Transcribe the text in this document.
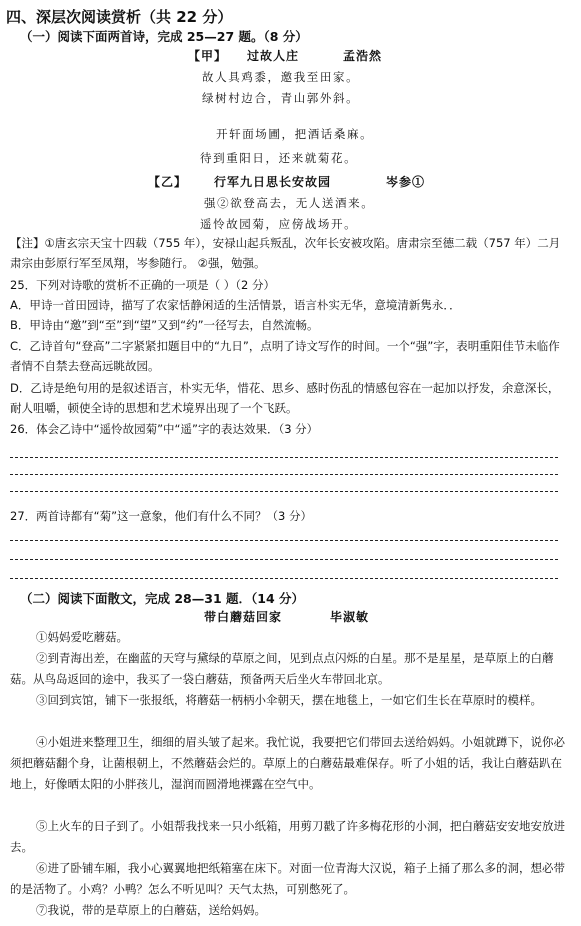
四、深层次阅读赏析（共 22 分）
（一）阅读下面两首诗，完成 25—27 题。（8 分）
【甲】 过故人庄	孟浩然
故人具鸡黍，邀我至田家。
绿树村边合，青山郭外斜。
开轩面场圃，把酒话桑麻。
待到重阳日，还来就菊花。
【乙】 行军九日思长安故园	岑参①
强②欲登高去，无人送酒来。
遥怜故园菊，应傍战场开。
【注】①唐玄宗天宝十四载（755 年），安禄山起兵叛乱，次年长安被攻陷。唐肃宗至德二载（757 年）二月肃宗由彭原行军至凤翔，岑参随行。 ②强，勉强。
25．下列对诗歌的赏析不正确的一项是（ ）（2 分）
A．甲诗一首田园诗，描写了农家恬静闲适的生活情景，语言朴实无华，意境清新隽永．．
B．甲诗由“邀”到“至”到“望”又到“约”一径写去，自然流畅。
C．乙诗首句“登高”二字紧紧扣题目中的“九日”，点明了诗文写作的时间。一个“强”字，表明重阳佳节未临作者情不自禁去登高远眺故园。
D．乙诗是绝句用的是叙述语言，朴实无华，惜花、思乡、感时伤乱的情感包容在一起加以抒发，余意深长，耐人咀嚼，顿使全诗的思想和艺术境界出现了一个飞跃。
26．体会乙诗中“遥怜故园菊”中“遥”字的表达效果．（3 分）
27．两首诗都有“菊”这一意象，他们有什么不同？（3 分）
（二）阅读下面散文，完成 28—31 题．（14 分）
带白蘑菇回家	毕淑敏
①妈妈爱吃蘑菇。
②到青海出差，在幽蓝的天穹与黛绿的草原之间，见到点点闪烁的白星。那不是星星，是草原上的白蘑菇。从鸟岛返回的途中，我买了一袋白蘑菇，预备两天后坐火车带回北京。
③回到宾馆，铺下一张报纸，将蘑菇一柄柄小伞朝天，摆在地毯上，一如它们生长在草原时的模样。
④小姐进来整理卫生，细细的眉头皱了起来。我忙说，我要把它们带回去送给妈妈。小姐就蹲下，说你必须把蘑菇翻个身，让菌根朝上，不然蘑菇会烂的。草原上的白蘑菇最难保存。听了小姐的话，我让白蘑菇趴在地上，好像晒太阳的小胖孩儿，湿润而圆滑地裸露在空气中。
⑤上火车的日子到了。小姐帮我找来一只小纸箱，用剪刀戳了许多梅花形的小洞，把白蘑菇安安地安放进去。
⑥进了卧铺车厢，我小心翼翼地把纸箱塞在床下。对面一位青海大汉说，箱子上捅了那么多的洞，想必带的是活物了。小鸡？小鸭？怎么不听见叫？天气太热，可别憋死了。
⑦我说，带的是草原上的白蘑菇，送给妈妈。
